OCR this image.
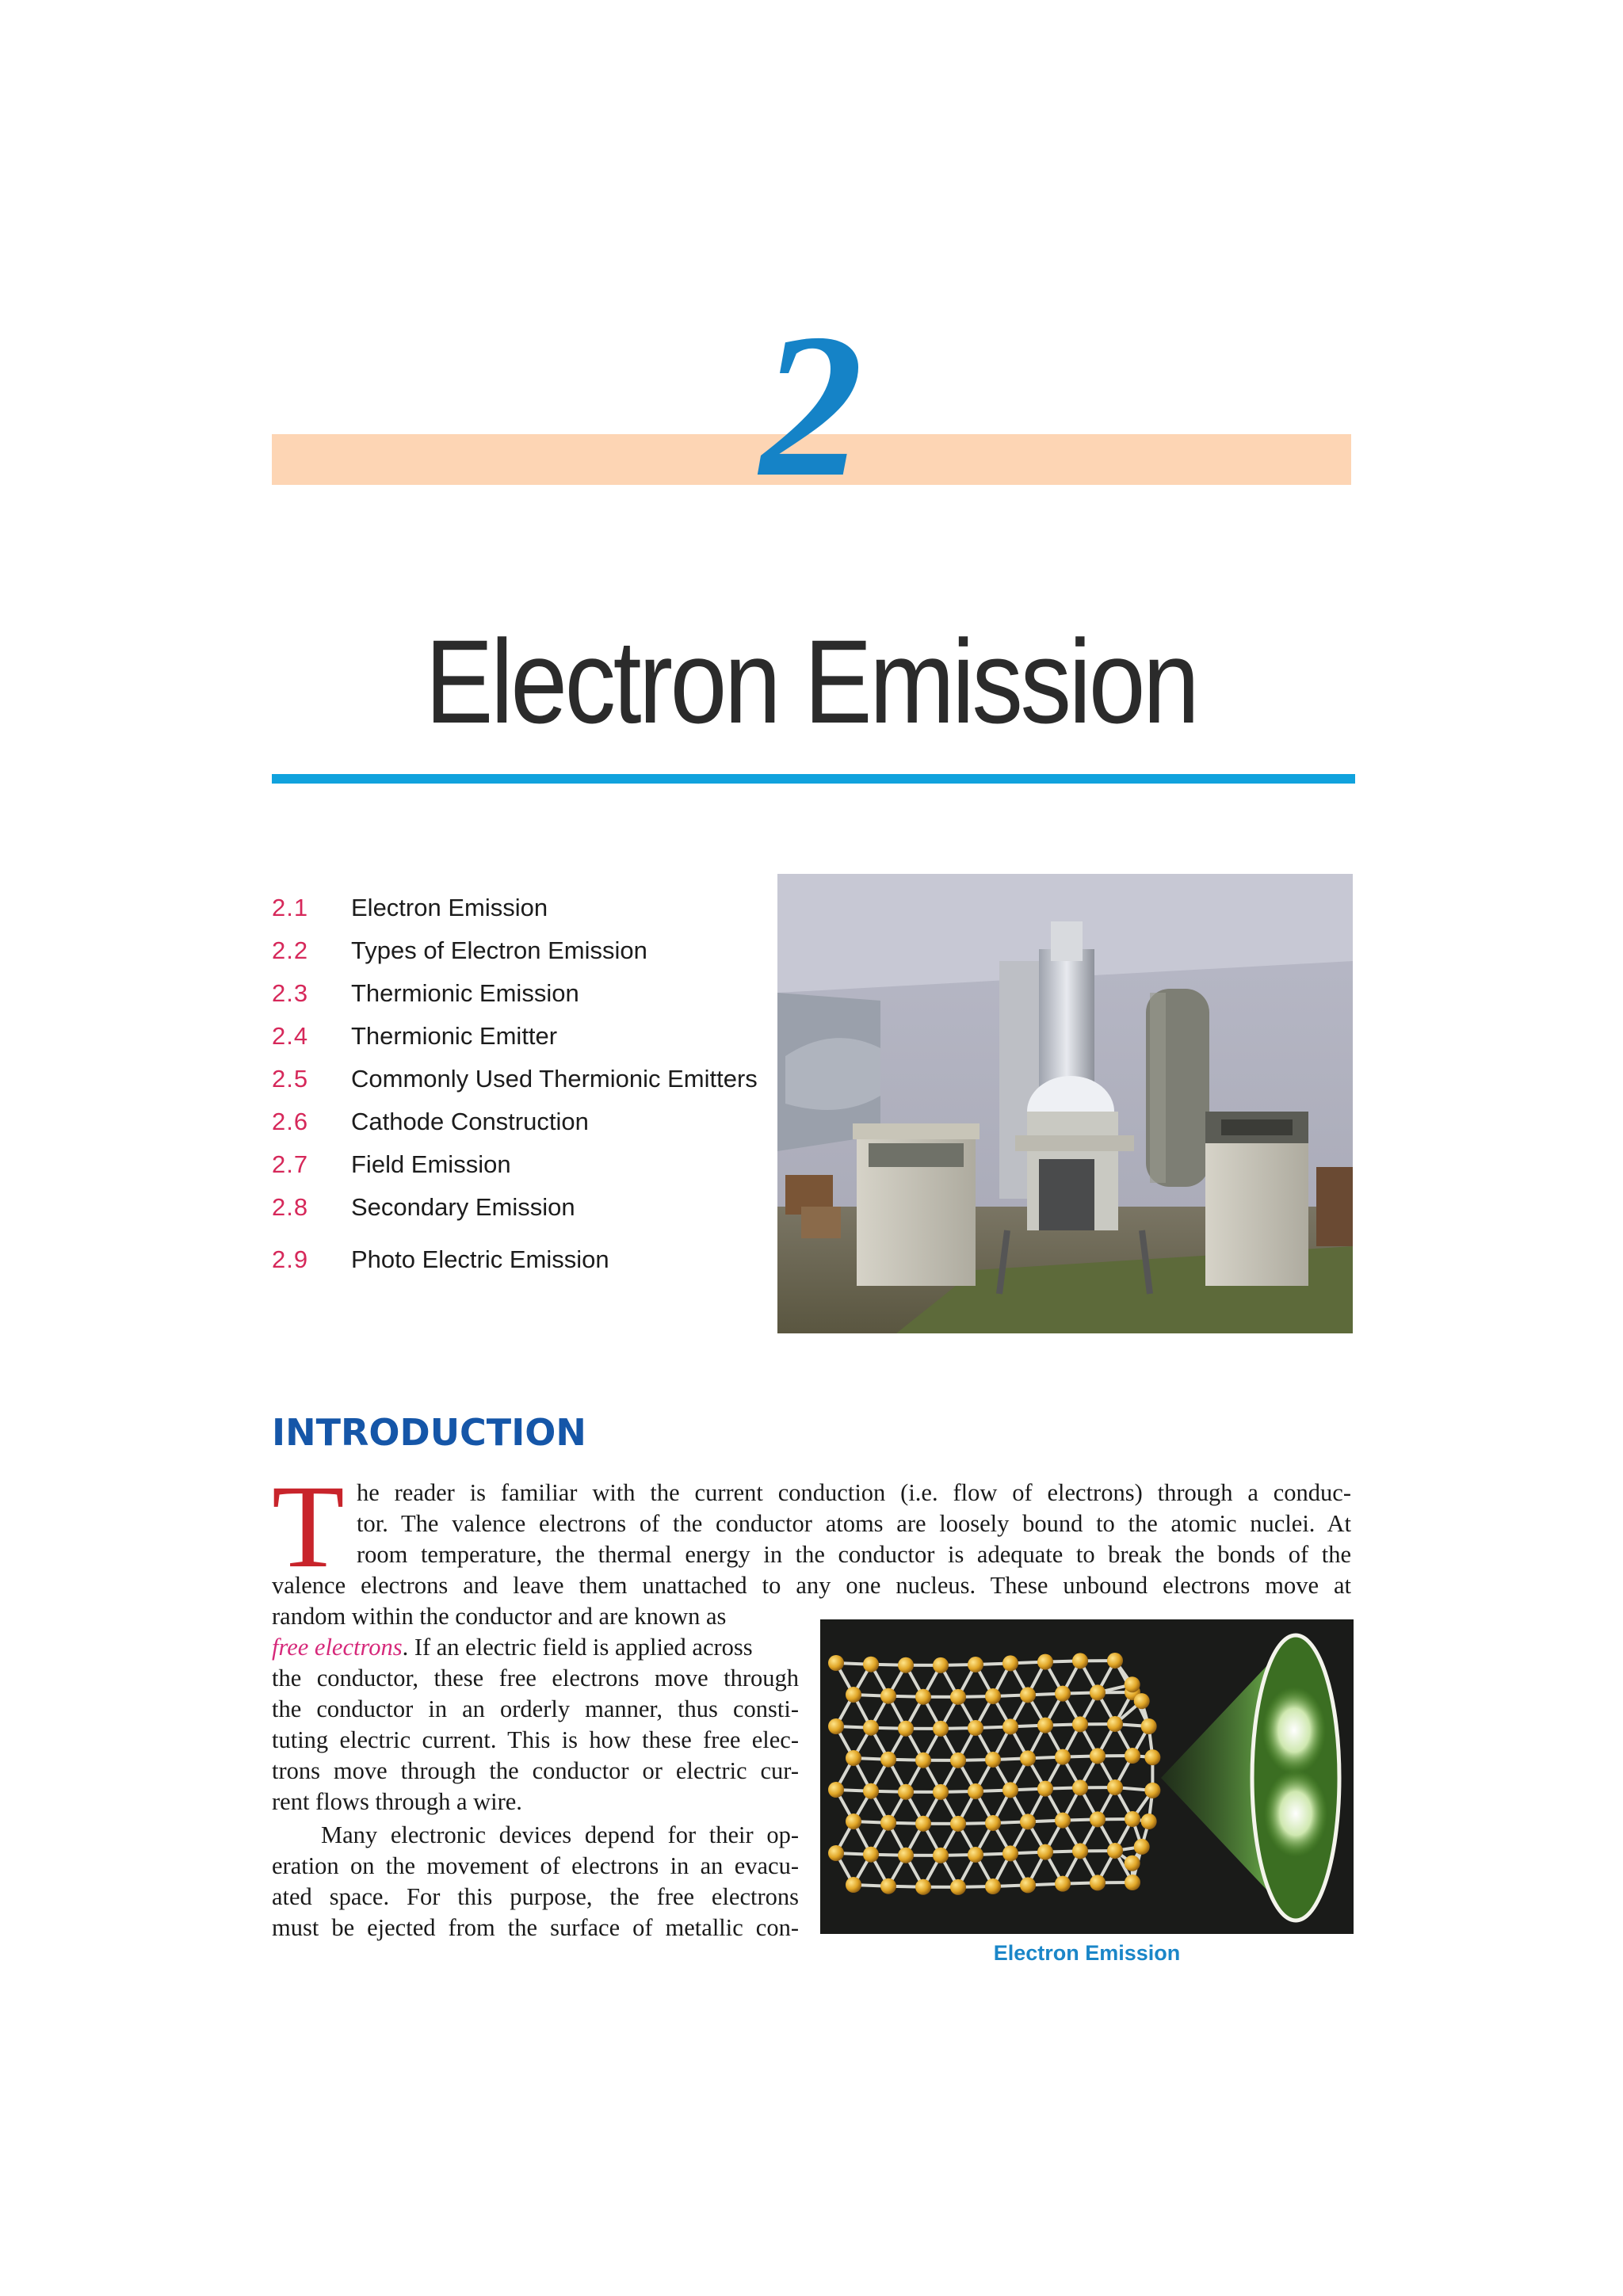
2
Electron Emission
2.1 Electron Emission
2.2 Types of Electron Emission
2.3 Thermionic Emission
2.4 Thermionic Emitter
2.5 Commonly Used Thermionic Emitters
2.6 Cathode Construction
2.7 Field Emission
2.8 Secondary Emission
2.9 Photo Electric Emission
INTRODUCTION
T he reader is familiar with the current conduction (i.e. flow of electrons) through a conduc-
tor. The valence electrons of the conductor atoms are loosely bound to the atomic nuclei. At
room temperature, the thermal energy in the conductor is adequate to break the bonds of the
valence electrons and leave them unattached to any one nucleus. These unbound electrons move at
random within the conductor and are known as
free electrons. If an electric field is applied across
the conductor, these free electrons move through
the conductor in an orderly manner, thus consti-
tuting electric current. This is how these free elec-
trons move through the conductor or electric cur-
rent flows through a wire.
Many electronic devices depend for their op-
eration on the movement of electrons in an evacu-
ated space. For this purpose, the free electrons
must be ejected from the surface of metallic con-
Electron Emission
